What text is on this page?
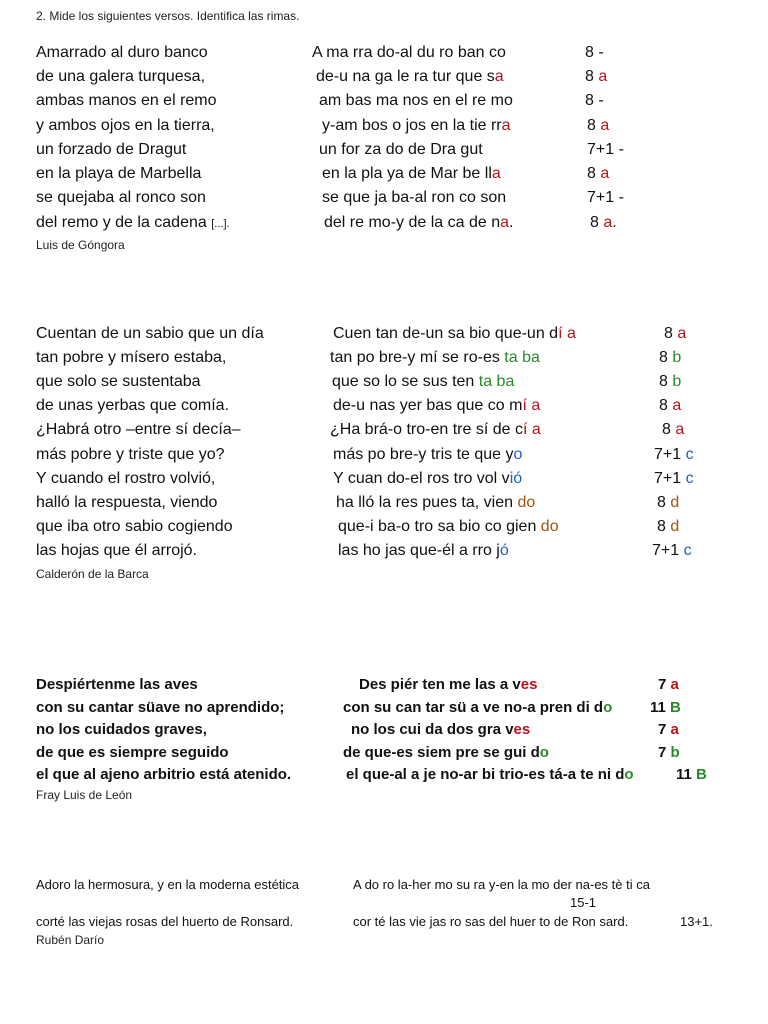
2. Mide los siguientes versos. Identifica las rimas.
Amarrado al duro banco	A ma rra do-al du ro ban co	8 -
de una galera turquesa,	de-u na ga le ra tur que sa	8 a
ambas manos en el remo	am bas ma nos en el re mo	8 -
y ambos ojos en la tierra,	y-am bos o jos en la tie rra	8 a
un forzado de Dragut	un for za do de Dra gut	7+1 -
en la playa de Marbella	en la pla ya de Mar be lla	8 a
se quejaba al ronco son	se que ja ba-al ron co son	7+1 -
del remo y de la cadena [...].	del re mo-y de la ca de na.	8 a.
Luis de Góngora
Cuentan de un sabio que un día	Cuen tan de-un sa bio que-un dí a	8 a
tan pobre y mísero estaba,	tan po bre-y mí se ro-es ta ba	8 b
que solo se sustentaba	que so lo se sus ten ta ba	8 b
de unas yerbas que comía.	de-u nas yer bas que co mí a	8 a
¿Habrá otro –entre sí decía–	¿Ha brá-o tro-en tre sí de cí a	8 a
más pobre y triste que yo?	más po bre-y tris te que yo	7+1 c
Y cuando el rostro volvió,	Y cuan do-el ros tro vol vió	7+1 c
halló la respuesta, viendo	ha lló la res pues ta, vien do	8 d
que iba otro sabio cogiendo	que-i ba-o tro sa bio co gien do	8 d
las hojas que él arrojó.	las ho jas que-él a rro jó	7+1 c
Calderón de la Barca
Despiértenme las aves	Des piér ten me las a ves	7 a
con su cantar süave no aprendido;	con su can tar sü a ve no-a pren di do	11 B
no los cuidados graves,	no los cui da dos gra ves	7 a
de que es siempre seguido	de que-es siem pre se gui do	7 b
el que al ajeno arbitrio está atenido.	el que-al a je no-ar bi trio-es tá-a te ni do	11 B
Fray Luis de León
Adoro la hermosura, y en la moderna estética	A do ro la-her mo su ra y-en la mo der na-es tè ti ca
15-1
corté las viejas rosas del huerto de Ronsard.	cor té las vie jas ro sas del huer to de Ron sard.	13+1.
Rubén Darío
